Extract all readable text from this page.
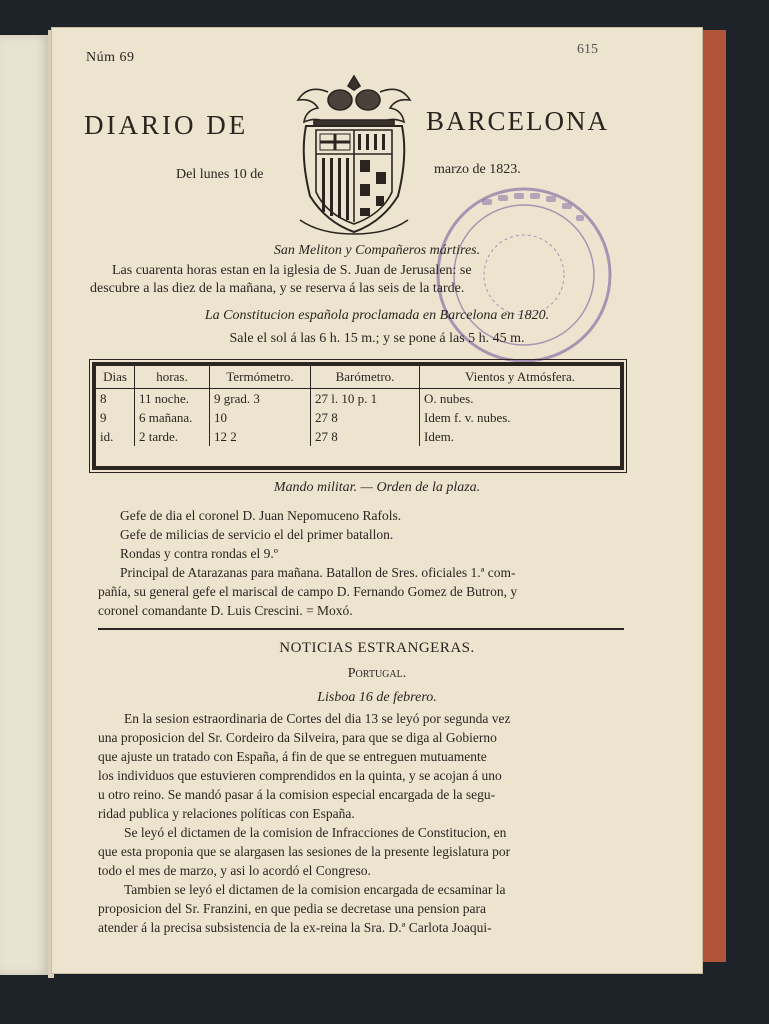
Núm 69
615
DIARIO DE	BARCELONA
Del lunes 10 de	marzo de 1823.
San Meliton y Compañeros mártires.
Las cuarenta horas estan en la iglesia de S. Juan de Jerusalen: se
descubre a las diez de la mañana, y se reserva á las seis de la tarde.
La Constitucion española proclamada en Barcelona en 1820.
Sale el sol á las 6 h. 15 m.; y se pone á las 5 h. 45 m.
Dias	horas.	Termómetro.	Barómetro.	Vientos y Atmósfera.
8	11 noche.	9 grad. 3	27 l. 10 p. 1	O. nubes.
9	6 mañana.	10	27 8	Idem f. v. nubes.
id.	2 tarde.	12 2	27 8	Idem.
Mando militar. — Orden de la plaza.
Gefe de dia el coronel D. Juan Nepomuceno Rafols.
Gefe de milicias de servicio el del primer batallon.
Rondas y contra rondas el 9.º
Principal de Atarazanas para mañana. Batallon de Sres. oficiales 1.ª com-
pañía, su general gefe el mariscal de campo D. Fernando Gomez de Butron, y
coronel comandante D. Luis Crescini. = Moxó.
NOTICIAS ESTRANGERAS.
Portugal.
Lisboa 16 de febrero.
En la sesion estraordinaria de Cortes del dia 13 se leyó por segunda vez
una proposicion del Sr. Cordeiro da Silveira, para que se diga al Gobierno
que ajuste un tratado con España, á fin de que se entreguen mutuamente
los individuos que estuvieren comprendidos en la quinta, y se acojan á uno
u otro reino. Se mandó pasar á la comision especial encargada de la segu-
ridad publica y relaciones políticas con España.
Se leyó el dictamen de la comision de Infracciones de Constitucion, en
que esta proponia que se alargasen las sesiones de la presente legislatura por
todo el mes de marzo, y asi lo acordó el Congreso.
Tambien se leyó el dictamen de la comision encargada de ecsaminar la
proposicion del Sr. Franzini, en que pedia se decretase una pension para
atender á la precisa subsistencia de la ex-reina la Sra. D.ª Carlota Joaqui-
